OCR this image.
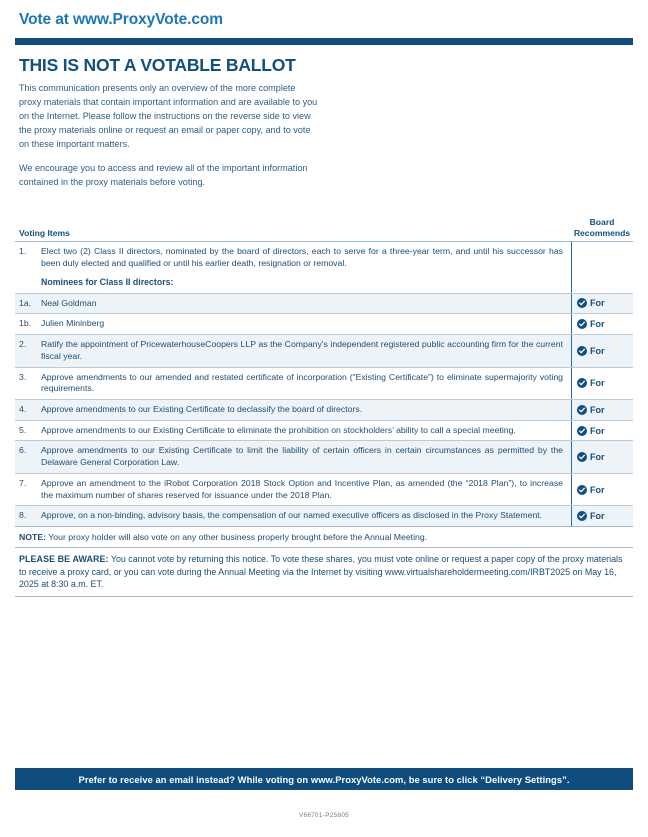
Vote at www.ProxyVote.com
THIS IS NOT A VOTABLE BALLOT

This communication presents only an overview of the more complete proxy materials that contain important information and are available to you on the Internet. Please follow the instructions on the reverse side to view the proxy materials online or request an email or paper copy, and to vote on these important matters.

We encourage you to access and review all of the important information contained in the proxy materials before voting.

Voting Items
Board
Recommends
1.	Elect two (2) Class II directors, nominated by the board of directors, each to serve for a three-year term, and until his successor has been duly elected and qualified or until his earlier death, resignation or removal.
Nominees for Class II directors:
1a.	Neal Goldman	For
1b.	Julien Mininberg	For
2.	Ratify the appointment of PricewaterhouseCoopers LLP as the Company's independent registered public accounting firm for the current fiscal year.	For
3.	Approve amendments to our amended and restated certificate of incorporation (“Existing Certificate”) to eliminate supermajority voting requirements.	For
4.	Approve amendments to our Existing Certificate to declassify the board of directors.	For
5.	Approve amendments to our Existing Certificate to eliminate the prohibition on stockholders’ ability to call a special meeting.	For
6.	Approve amendments to our Existing Certificate to limit the liability of certain officers in certain circumstances as permitted by the Delaware General Corporation Law.	For
7.	Approve an amendment to the iRobot Corporation 2018 Stock Option and Incentive Plan, as amended (the “2018 Plan”), to increase the maximum number of shares reserved for issuance under the 2018 Plan.	For
8.	Approve, on a non-binding, advisory basis, the compensation of our named executive officers as disclosed in the Proxy Statement.	For
NOTE: Your proxy holder will also vote on any other business properly brought before the Annual Meeting.
PLEASE BE AWARE: You cannot vote by returning this notice. To vote these shares, you must vote online or request a paper copy of the proxy materials to receive a proxy card, or you can vote during the Annual Meeting via the Internet by visiting www.virtualshareholdermeeting.com/IRBT2025 on May 16, 2025 at 8:30 a.m. ET.
Prefer to receive an email instead? While voting on www.ProxyVote.com, be sure to click “Delivery Settings”.
V66701-P25605
